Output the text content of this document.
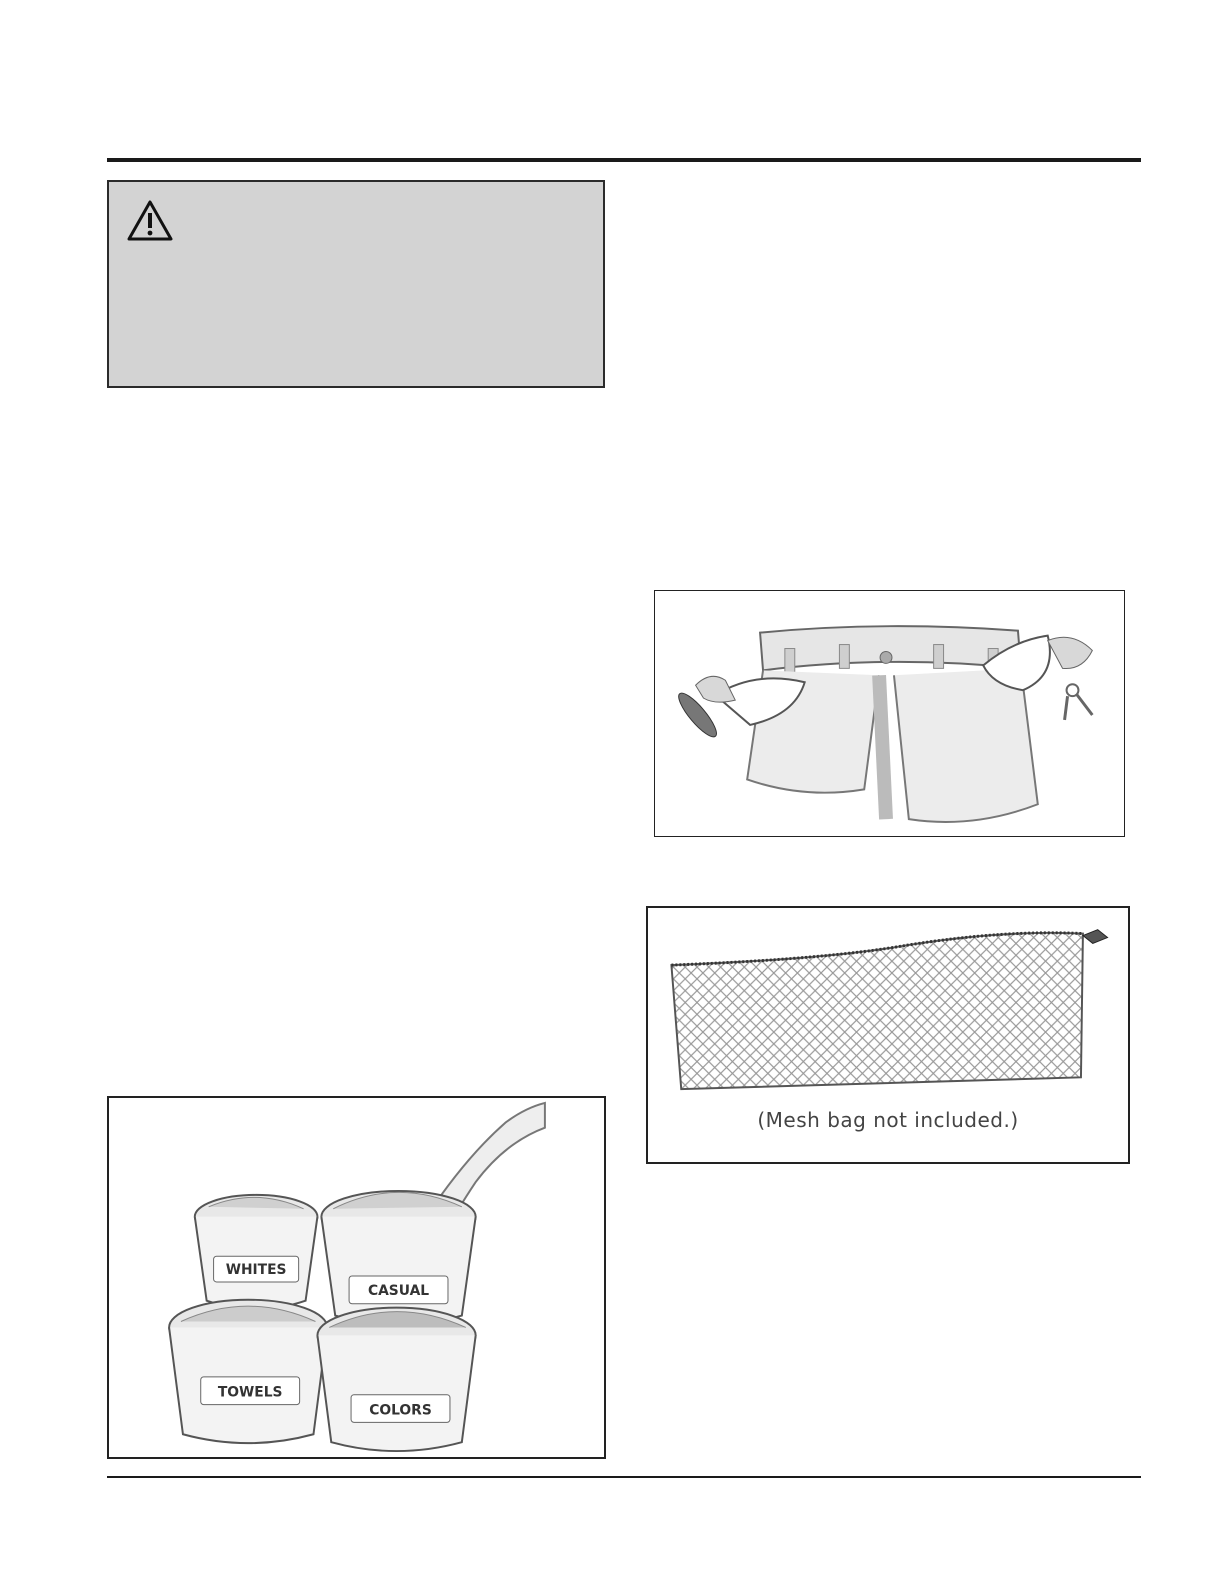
(Mesh bag not included.)
WHITES
CASUAL
TOWELS
COLORS
